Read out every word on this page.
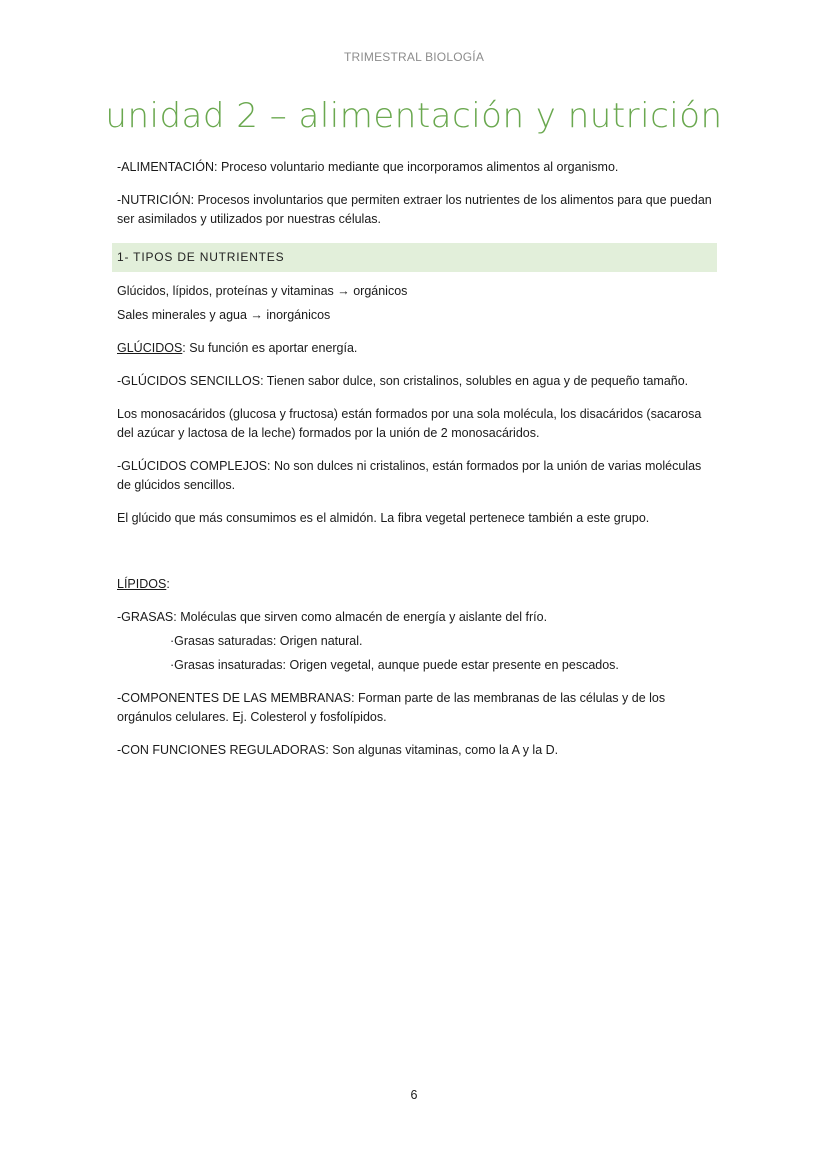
TRIMESTRAL BIOLOGÍA
unidad 2 – alimentación y nutrición

-ALIMENTACIÓN: Proceso voluntario mediante que incorporamos alimentos al organismo.

-NUTRICIÓN: Procesos involuntarios que permiten extraer los nutrientes de los alimentos para que puedan ser asimilados y utilizados por nuestras células.

1- TIPOS DE NUTRIENTES

Glúcidos, lípidos, proteínas y vitaminas → orgánicos

Sales minerales y agua → inorgánicos

GLÚCIDOS: Su función es aportar energía.

-GLÚCIDOS SENCILLOS: Tienen sabor dulce, son cristalinos, solubles en agua y de pequeño tamaño.

Los monosacáridos (glucosa y fructosa) están formados por una sola molécula, los disacáridos (sacarosa del azúcar y lactosa de la leche) formados por la unión de 2 monosacáridos.

-GLÚCIDOS COMPLEJOS: No son dulces ni cristalinos, están formados por la unión de varias moléculas de glúcidos sencillos.

El glúcido que más consumimos es el almidón. La fibra vegetal pertenece también a este grupo.

LÍPIDOS:

-GRASAS: Moléculas que sirven como almacén de energía y aislante del frío.

·Grasas saturadas: Origen natural.

·Grasas insaturadas: Origen vegetal, aunque puede estar presente en pescados.

-COMPONENTES DE LAS MEMBRANAS: Forman parte de las membranas de las células y de los orgánulos celulares. Ej. Colesterol y fosfolípidos.

-CON FUNCIONES REGULADORAS: Son algunas vitaminas, como la A y la D.

6
